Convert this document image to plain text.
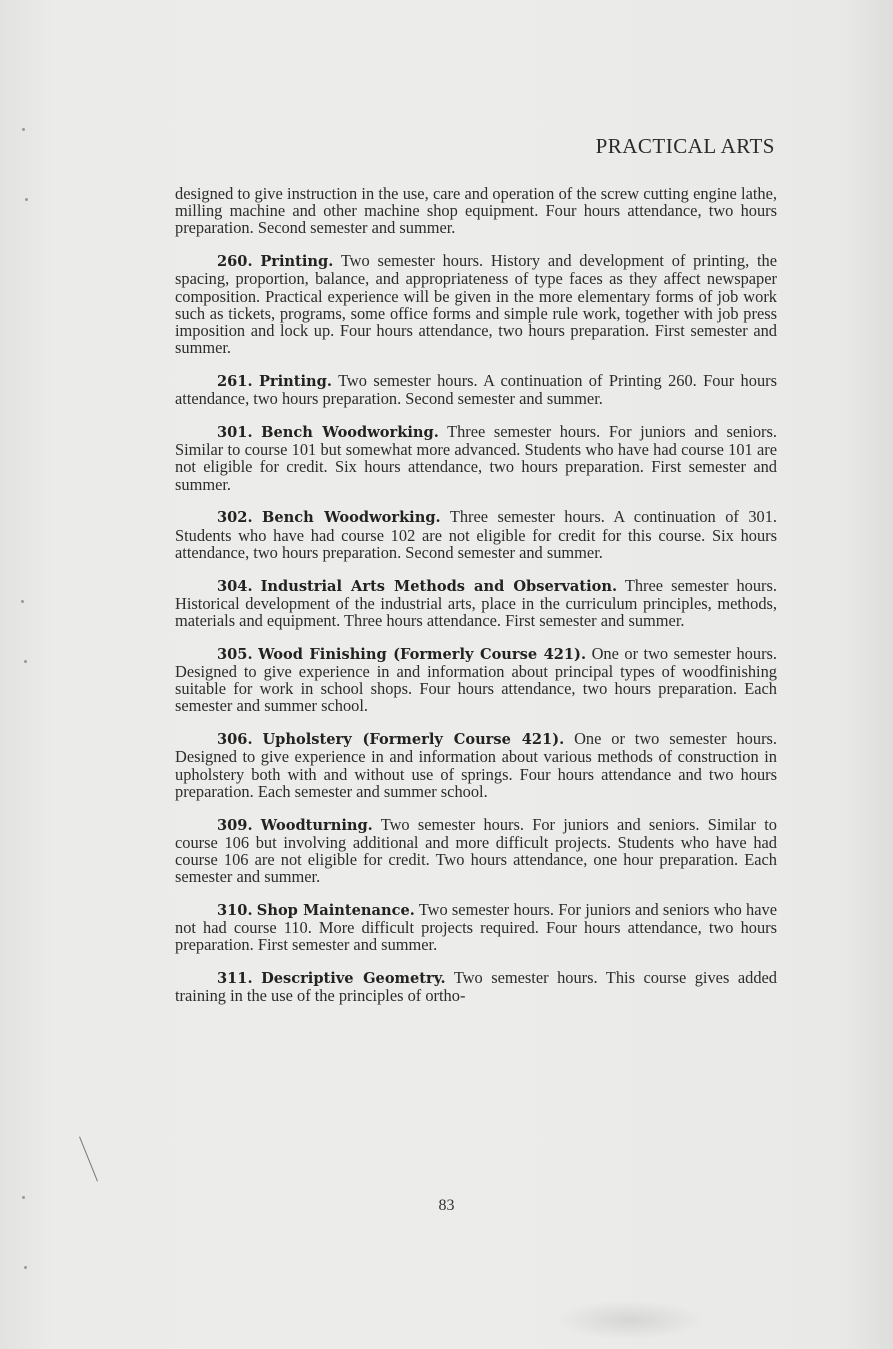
PRACTICAL ARTS

designed to give instruction in the use, care and operation of the screw cutting engine lathe, milling machine and other machine shop equipment. Four hours attendance, two hours preparation. Second semester and summer.

260. Printing. Two semester hours. History and development of printing, the spacing, proportion, balance, and appropriateness of type faces as they affect newspaper composition. Practical experience will be given in the more elementary forms of job work such as tickets, programs, some office forms and simple rule work, together with job press imposition and lock up. Four hours attendance, two hours preparation. First semester and summer.

261. Printing. Two semester hours. A continuation of Printing 260. Four hours attendance, two hours preparation. Second semester and summer.

301. Bench Woodworking. Three semester hours. For juniors and seniors. Similar to course 101 but somewhat more advanced. Students who have had course 101 are not eligible for credit. Six hours attendance, two hours preparation. First semester and summer.

302. Bench Woodworking. Three semester hours. A continuation of 301. Students who have had course 102 are not eligible for credit for this course. Six hours attendance, two hours preparation. Second semester and summer.

304. Industrial Arts Methods and Observation. Three semester hours. Historical development of the industrial arts, place in the curriculum principles, methods, materials and equipment. Three hours attendance. First semester and summer.

305. Wood Finishing (Formerly Course 421). One or two semester hours. Designed to give experience in and information about principal types of woodfinishing suitable for work in school shops. Four hours attendance, two hours preparation. Each semester and summer school.

306. Upholstery (Formerly Course 421). One or two semester hours. Designed to give experience in and information about various methods of construction in upholstery both with and without use of springs. Four hours attendance and two hours preparation. Each semester and summer school.

309. Woodturning. Two semester hours. For juniors and seniors. Similar to course 106 but involving additional and more difficult projects. Students who have had course 106 are not eligible for credit. Two hours attendance, one hour preparation. Each semester and summer.

310. Shop Maintenance. Two semester hours. For juniors and seniors who have not had course 110. More difficult projects required. Four hours attendance, two hours preparation. First semester and summer.

311. Descriptive Geometry. Two semester hours. This course gives added training in the use of the principles of ortho-

83
